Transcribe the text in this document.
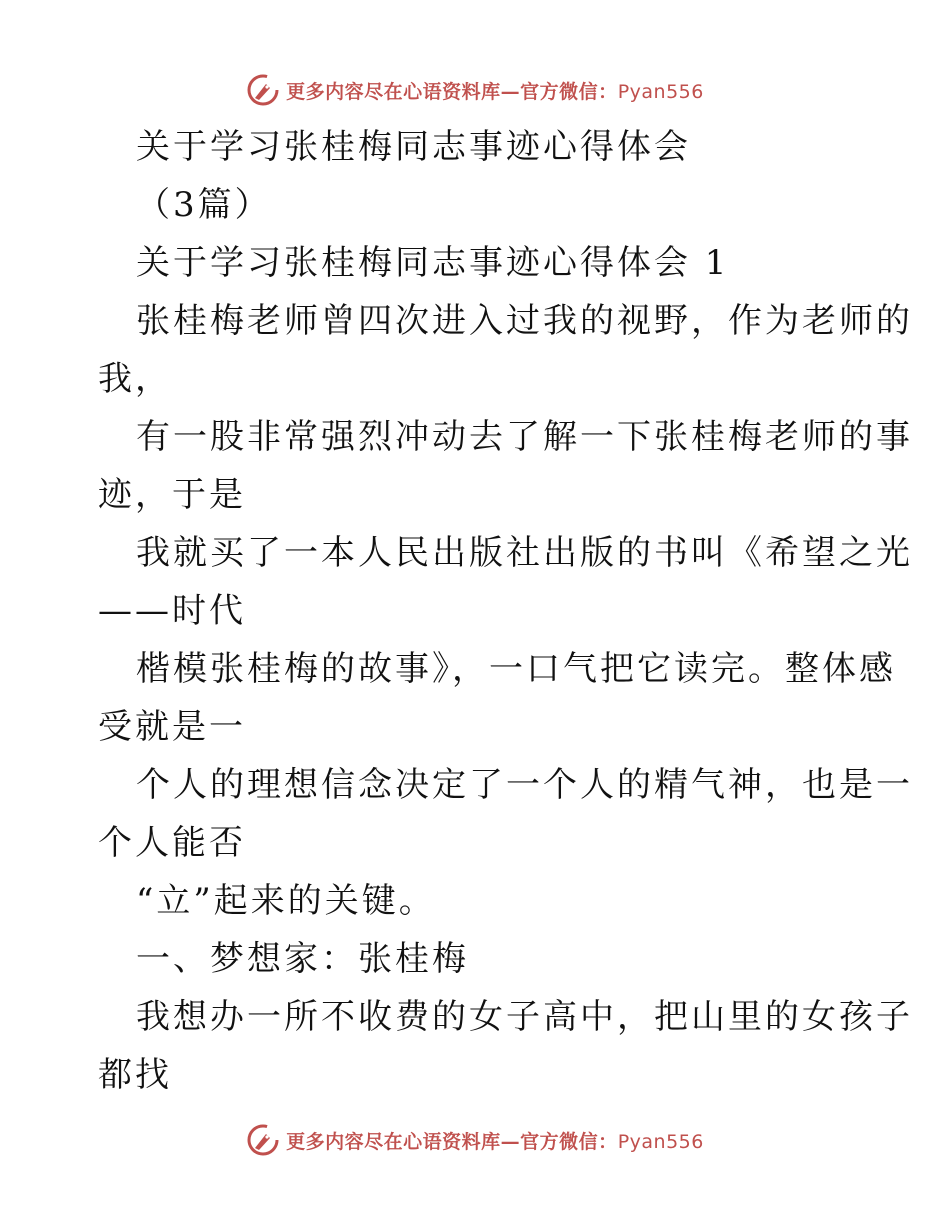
更多内容尽在心语资料库—官方微信：Pyan556
关于学习张桂梅同志事迹心得体会
（3篇）
关于学习张桂梅同志事迹心得体会 1
张桂梅老师曾四次进入过我的视野，作为老师的
我，
有一股非常强烈冲动去了解一下张桂梅老师的事
迹，于是
我就买了一本人民出版社出版的书叫《希望之光
——时代
楷模张桂梅的故事》，一口气把它读完。整体感
受就是一
个人的理想信念决定了一个人的精气神，也是一
个人能否
“立”起来的关键。
一、梦想家：张桂梅
我想办一所不收费的女子高中，把山里的女孩子
都找
更多内容尽在心语资料库—官方微信：Pyan556
